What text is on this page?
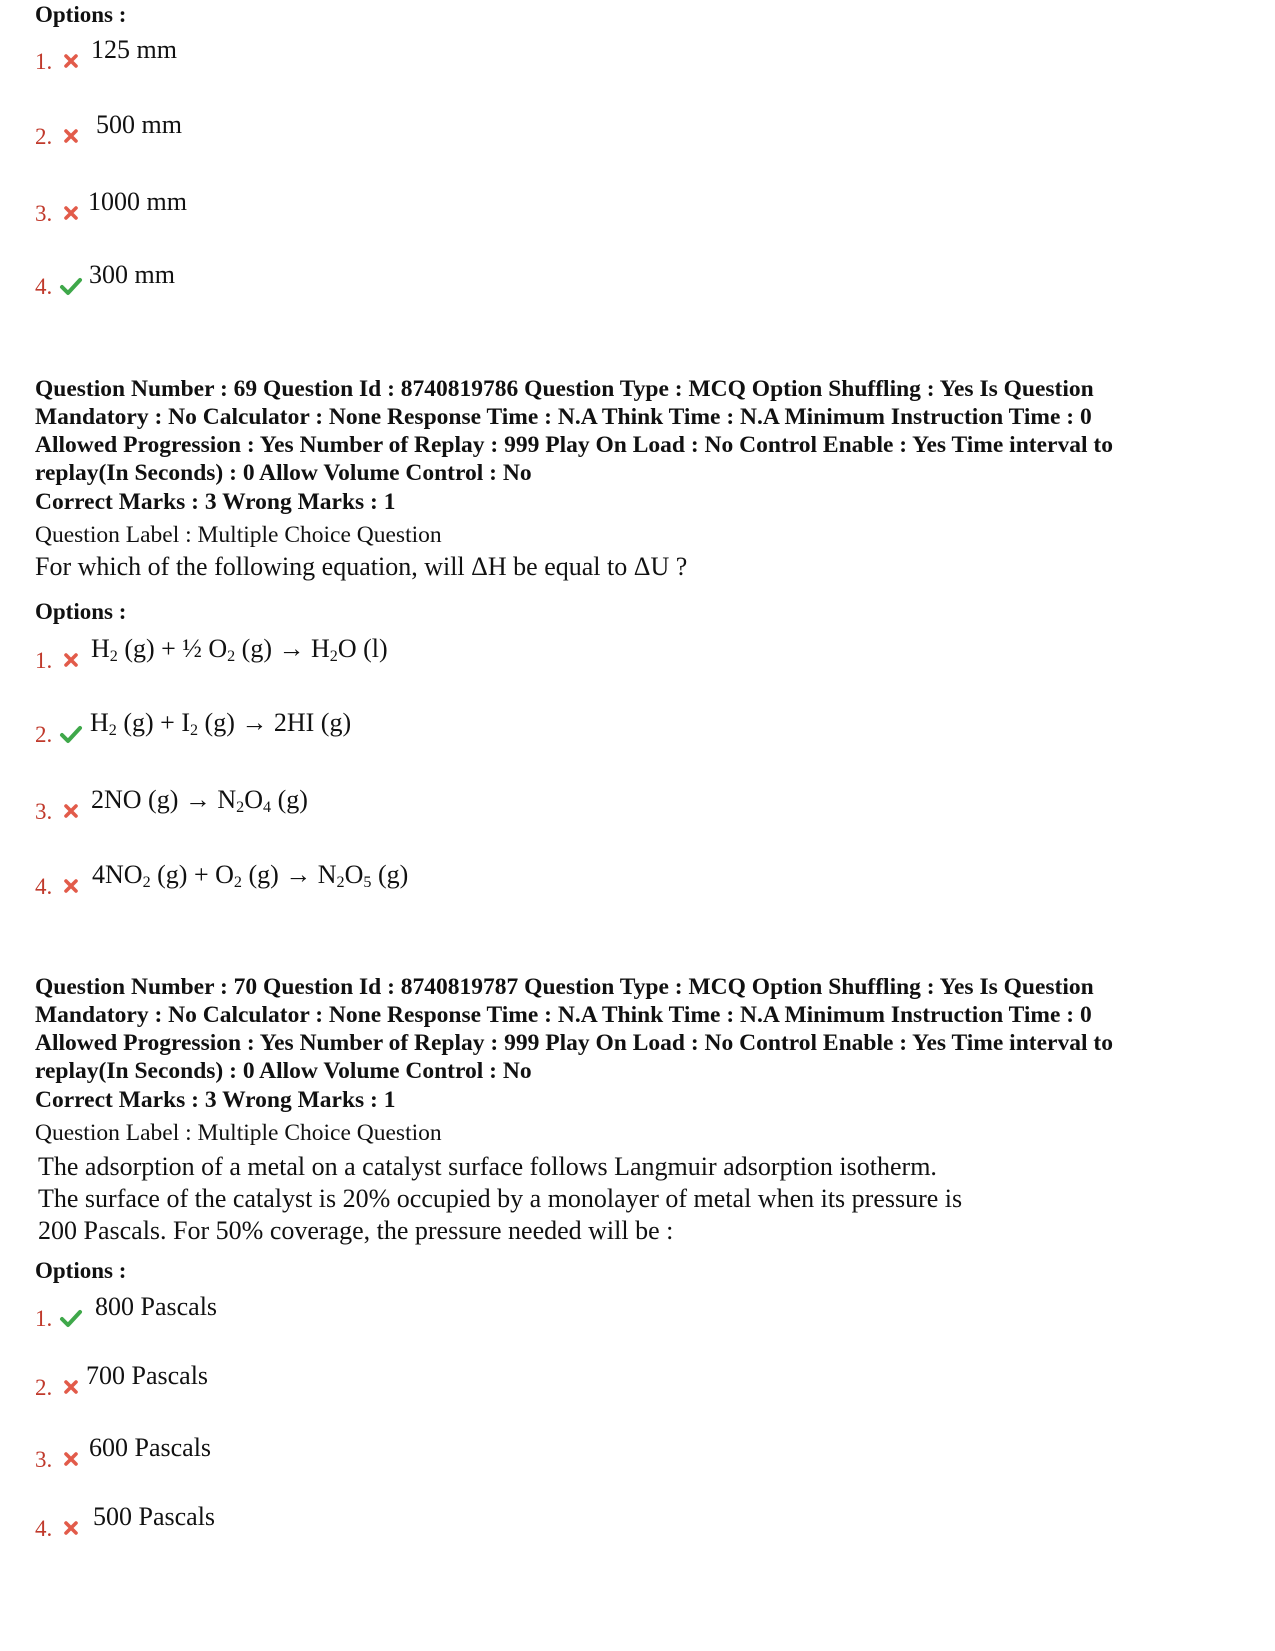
Options :
1. 125 mm
2. 500 mm
3. 1000 mm
4. 300 mm
Question Number : 69 Question Id : 8740819786 Question Type : MCQ Option Shuffling : Yes Is Question
Mandatory : No Calculator : None Response Time : N.A Think Time : N.A Minimum Instruction Time : 0
Allowed Progression : Yes Number of Replay : 999 Play On Load : No Control Enable : Yes Time interval to
replay(In Seconds) : 0 Allow Volume Control : No
Correct Marks : 3 Wrong Marks : 1
Question Label : Multiple Choice Question
For which of the following equation, will ΔH be equal to ΔU ?
Options :
1. $H_2$ (g) + ½ $O_2$ $(g) \to H_2O$ (l)
2. $H_2$ $(g) + I_2$ (g) → 2HI (g)
3. 2NO $(g) \to N_2O_4$ (g)
4. $4NO_2$ $(g) + O_2$ $(g) \to N_2O_5$ (g)
Question Number : 70 Question Id : 8740819787 Question Type : MCQ Option Shuffling : Yes Is Question
Mandatory : No Calculator : None Response Time : N.A Think Time : N.A Minimum Instruction Time : 0
Allowed Progression : Yes Number of Replay : 999 Play On Load : No Control Enable : Yes Time interval to
replay(In Seconds) : 0 Allow Volume Control : No
Correct Marks : 3 Wrong Marks : 1
Question Label : Multiple Choice Question
The adsorption of a metal on a catalyst surface follows Langmuir adsorption isotherm.
The surface of the catalyst is 20% occupied by a monolayer of metal when its pressure is
200 Pascals. For 50% coverage, the pressure needed will be :
Options :
1. 800 Pascals
2. 700 Pascals
3. 600 Pascals
4. 500 Pascals
